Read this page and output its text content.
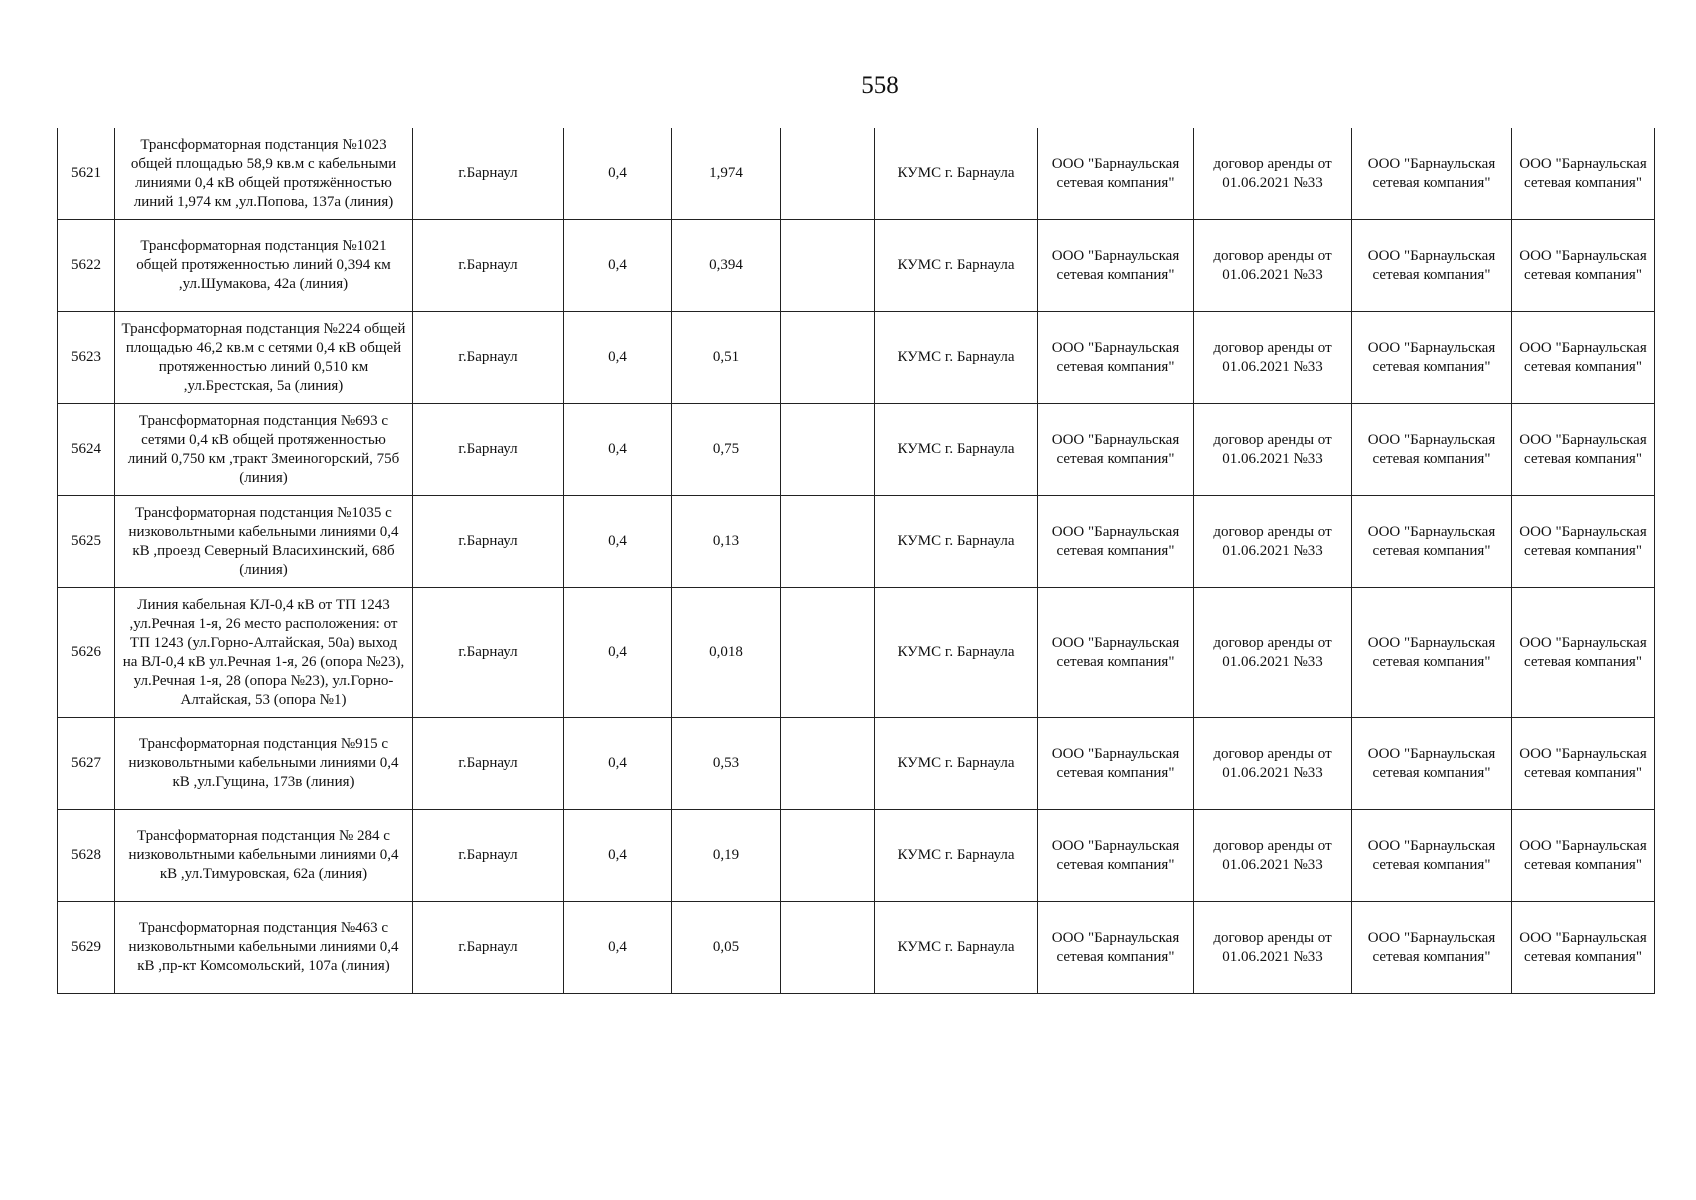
558
5621	Трансформаторная подстанция №1023 общей площадью 58,9 кв.м с кабельными линиями 0,4 кВ общей протяжённостью линий 1,974 км ,ул.Попова, 137а (линия)	г.Барнаул	0,4	1,974		КУМС г. Барнаула	ООО "Барнаульская сетевая компания"	договор аренды от 01.06.2021 №33	ООО "Барнаульская сетевая компания"	ООО "Барнаульская сетевая компания"
5622	Трансформаторная подстанция №1021 общей протяженностью линий 0,394 км ,ул.Шумакова, 42а (линия)	г.Барнаул	0,4	0,394		КУМС г. Барнаула	ООО "Барнаульская сетевая компания"	договор аренды от 01.06.2021 №33	ООО "Барнаульская сетевая компания"	ООО "Барнаульская сетевая компания"
5623	Трансформаторная подстанция №224 общей площадью 46,2 кв.м с сетями 0,4 кВ общей протяженностью линий 0,510 км ,ул.Брестская, 5а (линия)	г.Барнаул	0,4	0,51		КУМС г. Барнаула	ООО "Барнаульская сетевая компания"	договор аренды от 01.06.2021 №33	ООО "Барнаульская сетевая компания"	ООО "Барнаульская сетевая компания"
5624	Трансформаторная подстанция №693 с сетями 0,4 кВ общей протяженностью линий 0,750 км ,тракт Змеиногорский, 75б (линия)	г.Барнаул	0,4	0,75		КУМС г. Барнаула	ООО "Барнаульская сетевая компания"	договор аренды от 01.06.2021 №33	ООО "Барнаульская сетевая компания"	ООО "Барнаульская сетевая компания"
5625	Трансформаторная подстанция №1035 с низковольтными кабельными линиями 0,4 кВ ,проезд Северный Власихинский, 68б (линия)	г.Барнаул	0,4	0,13		КУМС г. Барнаула	ООО "Барнаульская сетевая компания"	договор аренды от 01.06.2021 №33	ООО "Барнаульская сетевая компания"	ООО "Барнаульская сетевая компания"
5626	Линия кабельная КЛ-0,4 кВ от ТП 1243 ,ул.Речная 1-я, 26 место расположения: от ТП 1243 (ул.Горно-Алтайская, 50а) выход на ВЛ-0,4 кВ ул.Речная 1-я, 26 (опора №23), ул.Речная 1-я, 28 (опора №23), ул.Горно-Алтайская, 53 (опора №1)	г.Барнаул	0,4	0,018		КУМС г. Барнаула	ООО "Барнаульская сетевая компания"	договор аренды от 01.06.2021 №33	ООО "Барнаульская сетевая компания"	ООО "Барнаульская сетевая компания"
5627	Трансформаторная подстанция №915 с низковольтными кабельными линиями 0,4 кВ ,ул.Гущина, 173в (линия)	г.Барнаул	0,4	0,53		КУМС г. Барнаула	ООО "Барнаульская сетевая компания"	договор аренды от 01.06.2021 №33	ООО "Барнаульская сетевая компания"	ООО "Барнаульская сетевая компания"
5628	Трансформаторная подстанция № 284 с низковольтными кабельными линиями 0,4 кВ ,ул.Тимуровская, 62а (линия)	г.Барнаул	0,4	0,19		КУМС г. Барнаула	ООО "Барнаульская сетевая компания"	договор аренды от 01.06.2021 №33	ООО "Барнаульская сетевая компания"	ООО "Барнаульская сетевая компания"
5629	Трансформаторная подстанция №463 с низковольтными кабельными линиями 0,4 кВ ,пр-кт Комсомольский, 107а (линия)	г.Барнаул	0,4	0,05		КУМС г. Барнаула	ООО "Барнаульская сетевая компания"	договор аренды от 01.06.2021 №33	ООО "Барнаульская сетевая компания"	ООО "Барнаульская сетевая компания"
